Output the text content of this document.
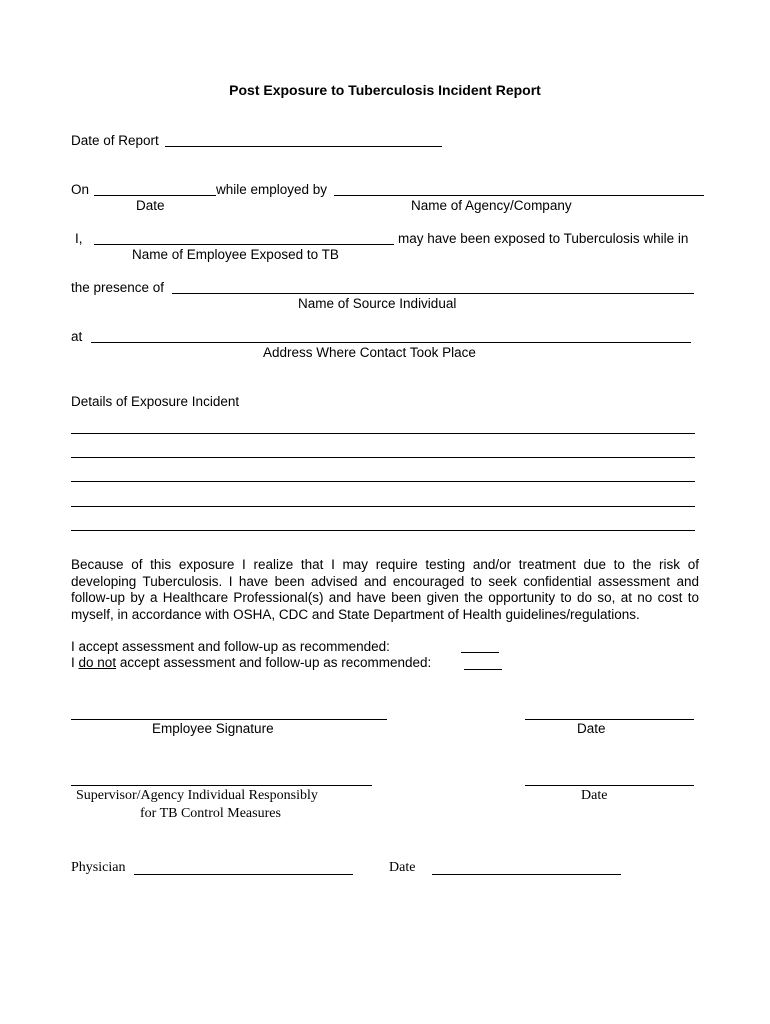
Post Exposure to Tuberculosis Incident Report
Date of Report
On	while employed by
Date	Name of Agency/Company
I,	may have been exposed to Tuberculosis while in
Name of Employee Exposed to TB
the presence of
Name of Source Individual
at
Address Where Contact Took Place
Details of Exposure Incident
Because of this exposure I realize that I may require testing and/or treatment due to the risk of developing Tuberculosis. I have been advised and encouraged to seek confidential assessment and follow-up by a Healthcare Professional(s) and have been given the opportunity to do so, at no cost to myself, in accordance with OSHA, CDC and State Department of Health guidelines/regulations.
I accept assessment and follow-up as recommended:
I do not accept assessment and follow-up as recommended:
Employee Signature	Date
Supervisor/Agency Individual Responsibly
for TB Control Measures
Date
Physician	Date
